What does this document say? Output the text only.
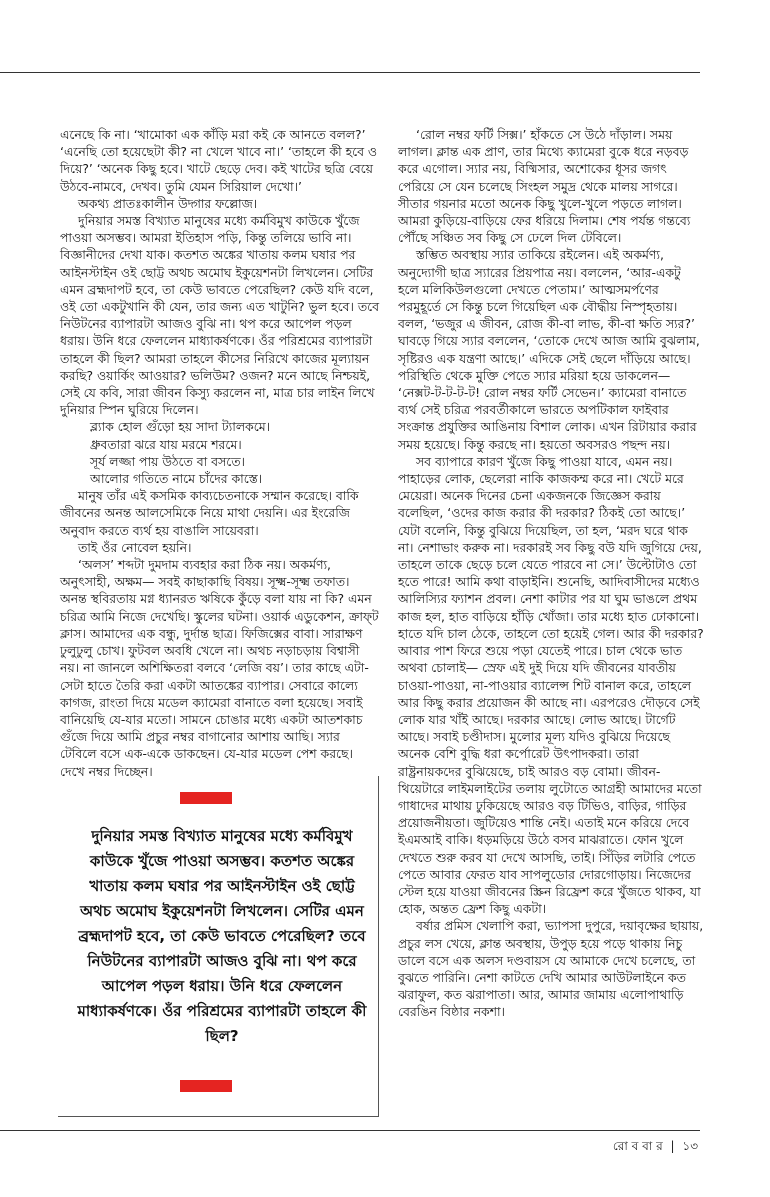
এনেছে কি না। ‘খামোকা এক কাঁড়ি মরা কই কে আনতে বলল?’ ‘এনেছি তো হয়েছেটা কী? না খেলে খাবে না।’ ‘তাহলে কী হবে ও দিয়ে?’ ‘অনেক কিছু হবে। খাটে ছেড়ে দেব। কই খাটের ছত্রি বেয়ে উঠবে-নামবে, দেখব। তুমি যেমন সিরিয়াল দেখো।’

অকথ্য প্রাতঃকালীন উদ্গার ফল্লোজ।

দুনিয়ার সমস্ত বিখ্যাত মানুষের মধ্যে কর্মবিমুখ কাউকে খুঁজে পাওয়া অসম্ভব। আমরা ইতিহাস পড়ি, কিন্তু তলিয়ে ভাবি না। বিজ্ঞানীদের দেখা যাক। কতশত অঙ্কের খাতায় কলম ঘষার পর আইনস্টাইন ওই ছোট্ট অথচ অমোঘ ইকুয়েশনটা লিখলেন। সেটির এমন ব্রহ্মদাপট হবে, তা কেউ ভাবতে পেরেছিল? কেউ যদি বলে, ওই তো একটুখানি কী যেন, তার জন্য এত খাটুনি? ভুল হবে। তবে নিউটনের ব্যাপারটা আজও বুঝি না। থপ করে আপেল পড়ল ধরায়। উনি ধরে ফেললেন মাধ্যাকর্ষণকে। ওঁর পরিশ্রমের ব্যাপারটা তাহলে কী ছিল? আমরা তাহলে কীসের নিরিখে কাজের মূল্যায়ন করছি? ওয়ার্কিং আওয়ার? ভলিউম? ওজন? মনে আছে নিশ্চয়ই, সেই যে কবি, সারা জীবন কিস্যু করলেন না, মাত্র চার লাইন লিখে দুনিয়ার স্পিন ঘুরিয়ে দিলেন।

ব্ল্যাক হোল গুঁড়ো হয় সাদা ট্যালকমে।

ধ্রুবতারা ঝরে যায় মরমে শরমে।

সূর্য লজ্জা পায় উঠতে বা বসতে।

আলোর গতিতে নামে চাঁদের কাস্তে।

মানুষ তাঁর এই কসমিক কাব্যচেতনাকে সম্মান করেছে। বাকি জীবনের অনন্ত আলসেমিকে নিয়ে মাথা দেয়নি। এর ইংরেজি অনুবাদ করতে ব্যর্থ হয় বাঙালি সায়েবরা।

তাই ওঁর নোবেল হয়নি।

‘অলস’ শব্দটা দুমদাম ব্যবহার করা ঠিক নয়। অকর্মণ্য, অনুৎসাহী, অক্ষম— সবই কাছাকাছি বিষয়। সূক্ষ্ম-সূক্ষ্ম তফাত। অনন্ত স্থবিরতায় মগ্ন ধ্যানরত ঋষিকে কুঁড়ে বলা যায় না কি? এমন চরিত্র আমি নিজে দেখেছি। স্কুলের ঘটনা। ওয়ার্ক এডুকেশন, ক্রাফ্‌ট ক্লাস। আমাদের এক বন্ধু, দুর্দান্ত ছাত্র। ফিজিক্সের বাবা। সারাক্ষণ ঢুলুঢুলু চোখ। ফুটবল অবধি খেলে না। অথচ নড়াচড়ায় বিশ্বাসী নয়। না জানলে অশিক্ষিতরা বলবে ‘লেজি বয়’। তার কাছে এটা-সেটা হাতে তৈরি করা একটা আতঙ্কের ব্যাপার। সেবারে কাল্যে কাগজ, রাংতা দিয়ে মডেল ক্যামেরা বানাতে বলা হয়েছে। সবাই বানিয়েছি যে-যার মতো। সামনে চোঙার মধ্যে একটা আতশকাচ গুঁজে দিয়ে আমি প্রচুর নম্বর বাগানোর আশায় আছি। স্যার টেবিলে বসে এক-একে ডাকছেন। যে-যার মডেল পেশ করছে। দেখে নম্বর দিচ্ছেন।

‘রোল নম্বর ফর্টি সিক্স।’ হাঁকতে সে উঠে দাঁড়াল। সময় লাগল। ক্লান্ত এক প্রাণ, তার মিথ্যে ক্যামেরা বুকে ধরে নড়বড় করে এগোল। স্যার নয়, বিষ্মিসার, অশোকের ধূসর জগৎ পেরিয়ে সে যেন চলেছে সিংহল সমুদ্র থেকে মালয় সাগরে। সীতার গয়নার মতো অনেক কিছু খুলে-খুলে পড়তে লাগল। আমরা কুড়িয়ে-বাড়িয়ে ফের ধরিয়ে দিলাম। শেষ পর্যন্ত গন্তব্যে পৌঁছে সঞ্চিত সব কিছু সে ঢেলে দিল টেবিলে।

স্তম্ভিত অবস্থায় স্যার তাকিয়ে রইলেন। এই অকর্মণ্য, অনুদ্যোগী ছাত্র স্যারের প্রিয়পাত্র নয়। বললেন, ‘আর-একটু হলে মলিকিউলগুলো দেখতে পেতাম।’ আত্মসমর্পণের পরমুহূর্তে সে কিন্তু চলে গিয়েছিল এক বৌদ্ধীয় নিস্পৃহতায়। বলল, ‘ভজুর এ জীবন, রোজ কী-বা লাভ, কী-বা ক্ষতি স্যর?’ ঘাবড়ে গিয়ে স্যার বললেন, ‘তোকে দেখে আজ আমি বুঝলাম, সৃষ্টিরও এক যন্ত্রণা আছে।’ এদিকে সেই ছেলে দাঁড়িয়ে আছে। পরিস্থিতি থেকে মুক্তি পেতে স্যার মরিয়া হয়ে ডাকলেন— ‘নেক্সট-ট-ট-ট-ট! রোল নম্বর ফর্টি সেভেন।’ ক্যামেরা বানাতে ব্যর্থ সেই চরিত্র পরবর্তীকালে ভারতে অপটিকাল ফাইবার সংক্রান্ত প্রযুক্তির আঙিনায় বিশাল লোক। এখন রিটায়ার করার সময় হয়েছে। কিন্তু করছে না। হয়তো অবসরও পছন্দ নয়।

সব ব্যাপারে কারণ খুঁজে কিছু পাওয়া যাবে, এমন নয়। পাহাড়ের লোক, ছেলেরা নাকি কাজকম্ম করে না। খেটে মরে মেয়েরা। অনেক দিনের চেনা একজনকে জিজ্ঞেস করায় বলেছিল, ‘ওদের কাজ করার কী দরকার? ঠিকই তো আছে।’ যেটা বলেনি, কিন্তু বুঝিয়ে দিয়েছিল, তা হল, ‘মরদ ঘরে থাক না। নেশাভাং করুক না। দরকারই সব কিছু বউ যদি জুগিয়ে দেয়, তাহলে তাকে ছেড়ে চলে যেতে পারবে না সে।’ উল্টোটাও তো হতে পারে! আমি কথা বাড়াইনি। শুনেছি, আদিবাসীদের মধ্যেও আলিস্যির ফ্যাশন প্রবল। নেশা কাটার পর যা ঘুম ভাঙলে প্রথম কাজ হল, হাত বাড়িয়ে হাঁড়ি খোঁজা। তার মধ্যে হাত ঢোকানো। হাতে যদি চাল ঠেকে, তাহলে তো হয়েই গেল। আর কী দরকার? আবার পাশ ফিরে শুয়ে পড়া যেতেই পারে। চাল থেকে ভাত অথবা চোলাই— স্রেফ এই দুই দিয়ে যদি জীবনের যাবতীয় চাওয়া-পাওয়া, না-পাওয়ার ব্যালেন্স শিট বানাল করে, তাহলে আর কিছু করার প্রয়োজন কী আছে না। এরপরেও দৌড়বে সেই লোক যার খাঁই আছে। দরকার আছে। লোভ আছে। টার্গেট আছে। সবাই চণ্ডীদাস। মুলোর মূল্য যদিও বুঝিয়ে দিয়েছে অনেক বেশি বুদ্ধি ধরা কর্পোরেট উৎপাদকরা। তারা রাষ্ট্রনায়কদের বুঝিয়েছে, চাই আরও বড় বোমা। জীবন-থিয়েটারে লাইমলাইটের তলায় লুটোতে আগ্রহী আমাদের মতো গাধাদের মাথায় ঢুকিয়েছে আরও বড় টিভিও, বাড়ির, গাড়ির প্রয়োজনীয়তা। জুটিয়েও শান্তি নেই। এতাই মনে করিয়ে দেবে ইএমআই বাকি। ধড়মড়িয়ে উঠে বসব মাঝরাতে। ফোন খুলে দেখতে শুরু করব যা দেখে আসছি, তাই। সিঁড়ির লটারি পেতে পেতে আবার ফেরত যাব সাপলুডোর দোরগোড়ায়। নিজেদের স্টেল হয়ে যাওয়া জীবনের স্ক্রিন রিফ্রেশ করে খুঁজতে থাকব, যা হোক, অন্তত ফ্রেশ কিছু একটা।

বর্ষার প্রমিস খেলাপি করা, ভ্যাপসা দুপুরে, দয়াবৃক্ষের ছায়ায়, প্রচুর লস খেয়ে, ক্লান্ত অবস্থায়, উপুড় হয়ে পড়ে থাকায় নিচু ডালে বসে এক অলস দণ্ডবায়স যে আমাকে দেখে চলেছে, তা বুঝতে পারিনি। নেশা কাটতে দেখি আমার আউটলাইনে কত ঝরাফুল, কত ঝরাপাতা। আর, আমার জামায় এলোপাথাড়ি বেরঙিন বিষ্ঠার নকশা।

দুনিয়ার সমস্ত বিখ্যাত মানুষের মধ্যে কর্মবিমুখ কাউকে খুঁজে পাওয়া অসম্ভব। কতশত অঙ্কের খাতায় কলম ঘষার পর আইনস্টাইন ওই ছোট্ট অথচ অমোঘ ইকুয়েশনটা লিখলেন। সেটির এমন ব্রহ্মদাপট হবে, তা কেউ ভাবতে পেরেছিল? তবে নিউটনের ব্যাপারটা আজও বুঝি না। থপ করে আপেল পড়ল ধরায়। উনি ধরে ফেললেন মাধ্যাকর্ষণকে। ওঁর পরিশ্রমের ব্যাপারটা তাহলে কী ছিল?
রো ব বা র | ১৩
